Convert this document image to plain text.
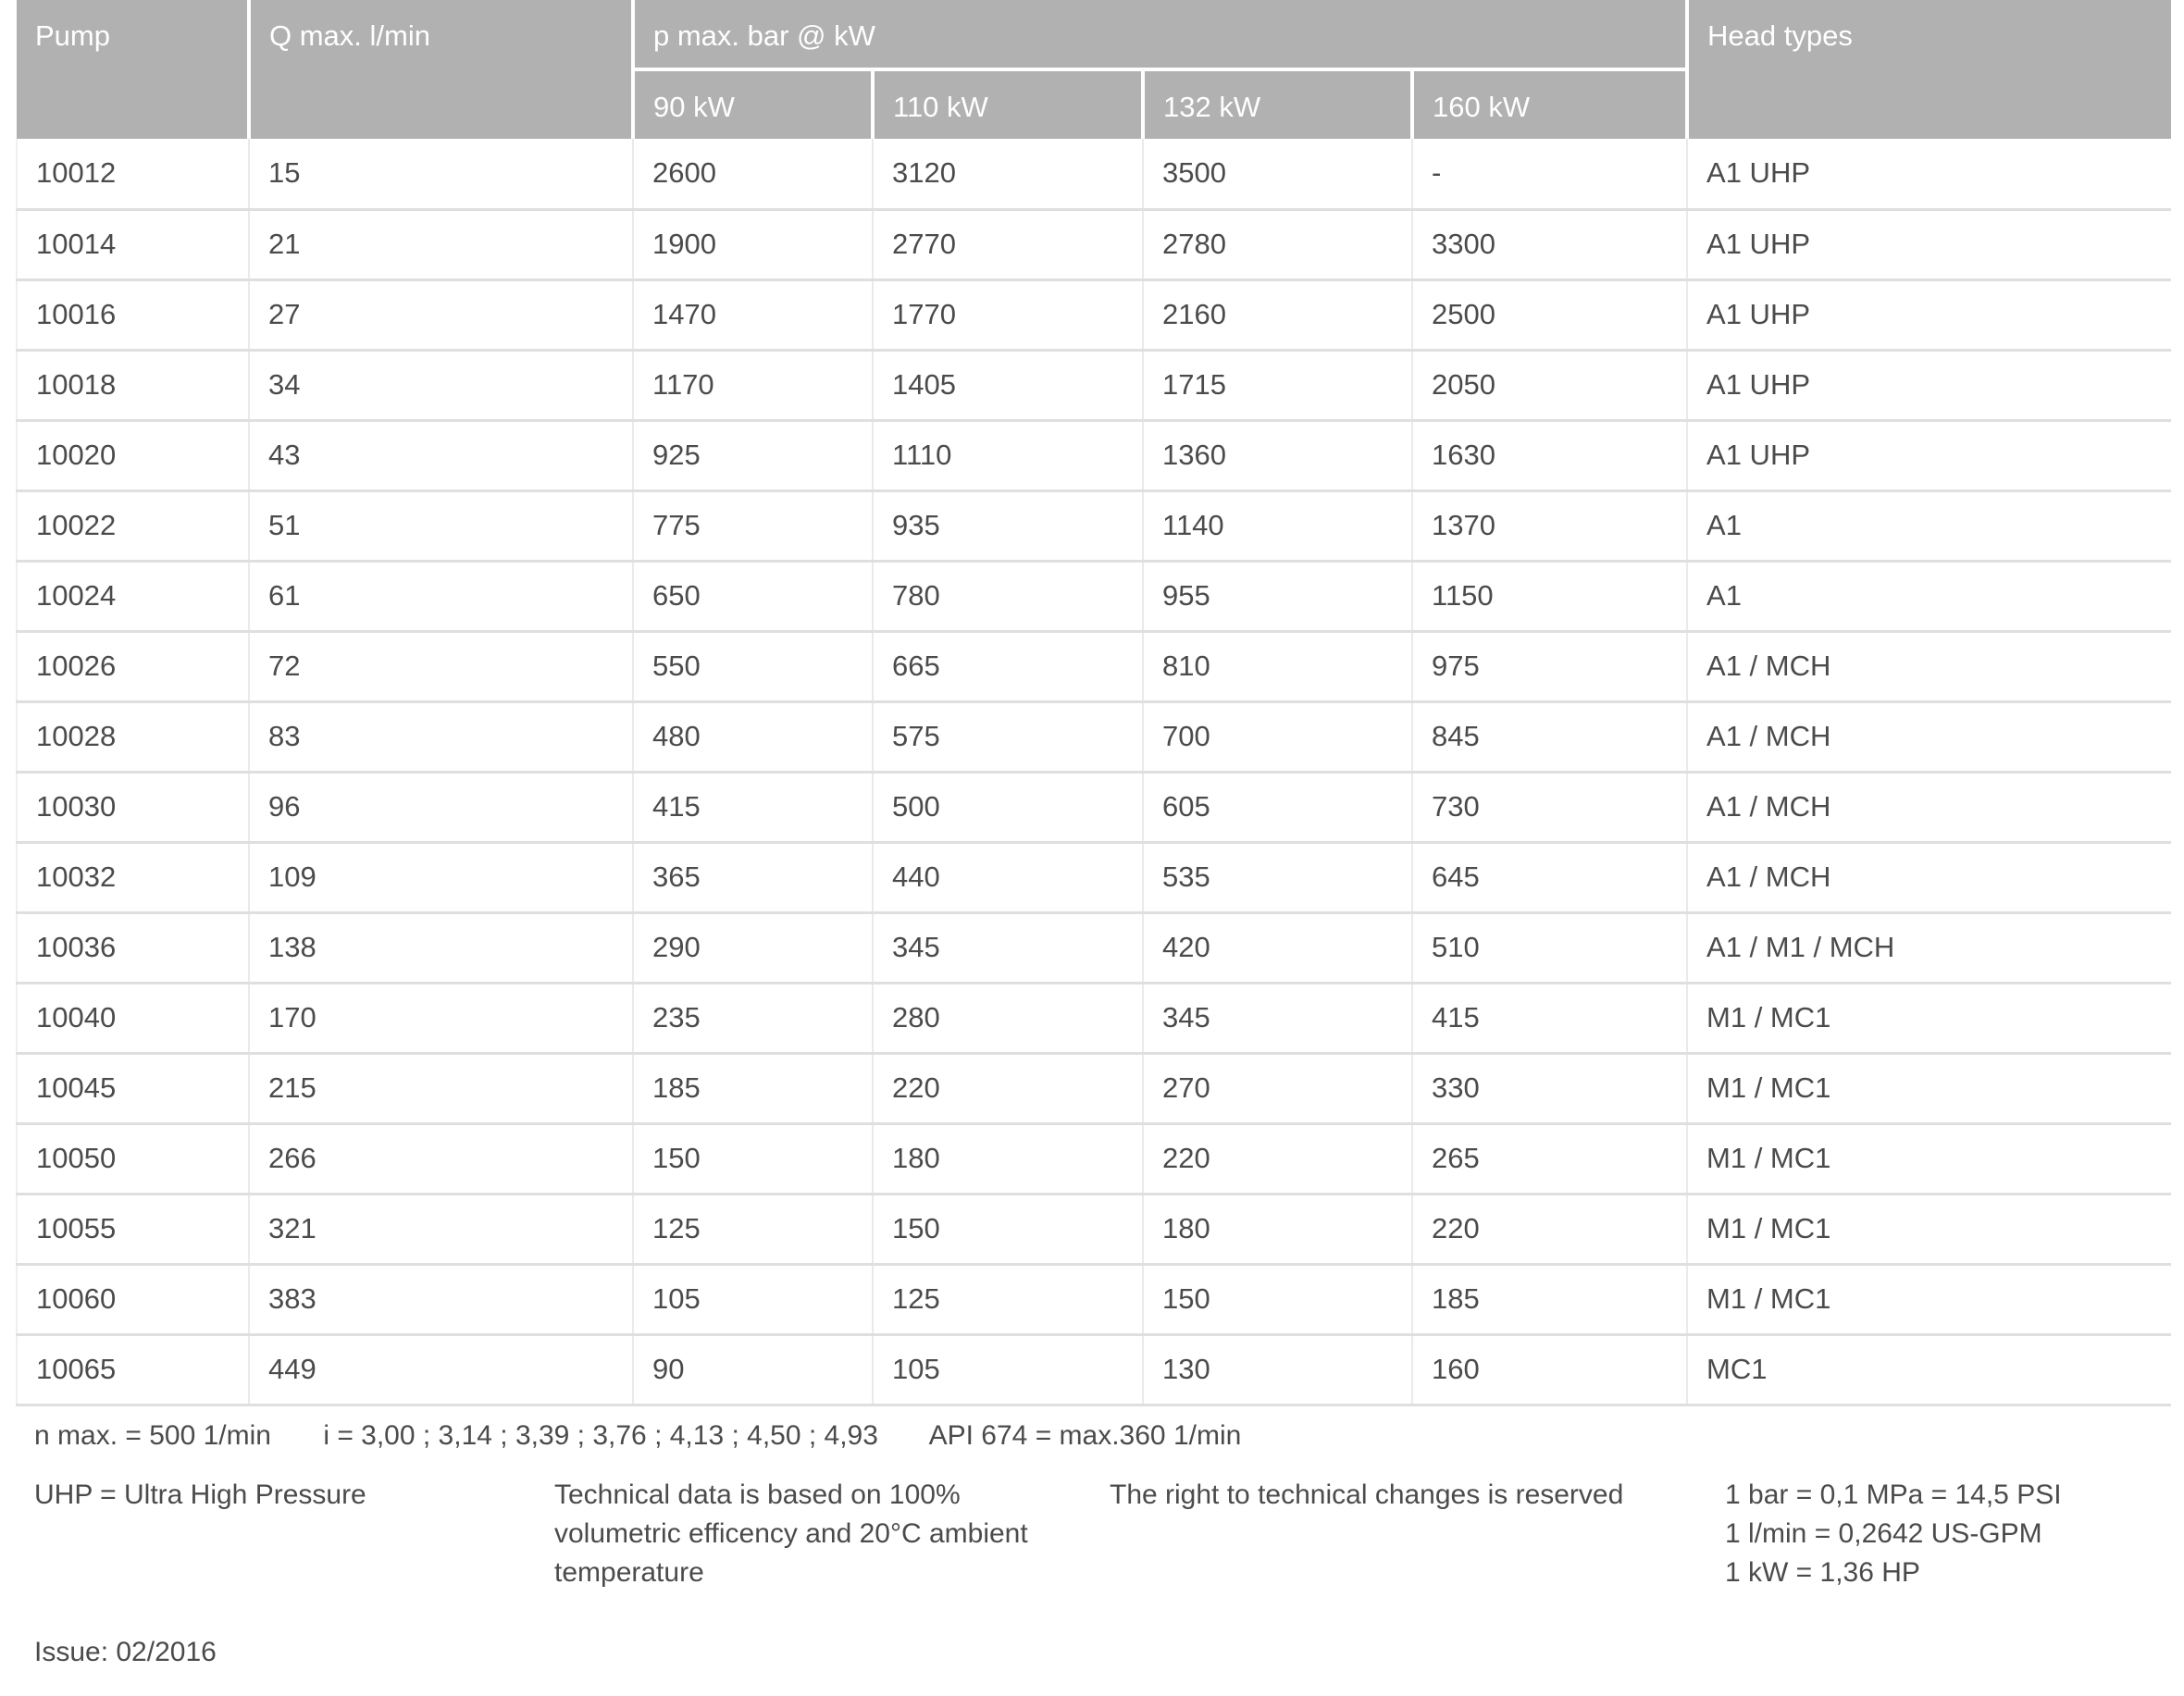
Pump	Q max. l/min	p max. bar @ kW				Head types
		90 kW	110 kW	132 kW	160 kW	
10012	15	2600	3120	3500	-	A1 UHP
10014	21	1900	2770	2780	3300	A1 UHP
10016	27	1470	1770	2160	2500	A1 UHP
10018	34	1170	1405	1715	2050	A1 UHP
10020	43	925	1110	1360	1630	A1 UHP
10022	51	775	935	1140	1370	A1
10024	61	650	780	955	1150	A1
10026	72	550	665	810	975	A1 / MCH
10028	83	480	575	700	845	A1 / MCH
10030	96	415	500	605	730	A1 / MCH
10032	109	365	440	535	645	A1 / MCH
10036	138	290	345	420	510	A1 / M1 / MCH
10040	170	235	280	345	415	M1 / MC1
10045	215	185	220	270	330	M1 / MC1
10050	266	150	180	220	265	M1 / MC1
10055	321	125	150	180	220	M1 / MC1
10060	383	105	125	150	185	M1 / MC1
10065	449	90	105	130	160	MC1
n max. = 500 1/min i = 3,00 ; 3,14 ; 3,39 ; 3,76 ; 4,13 ; 4,50 ; 4,93 API 674 = max.360 1/min
UHP = Ultra High Pressure	Technical data is based on 100%
volumetric efficency and 20°C ambient
temperature
The right to technical changes is reserved	1 bar = 0,1 MPa = 14,5 PSI
1 l/min = 0,2642 US-GPM
1 kW = 1,36 HP
Issue: 02/2016
